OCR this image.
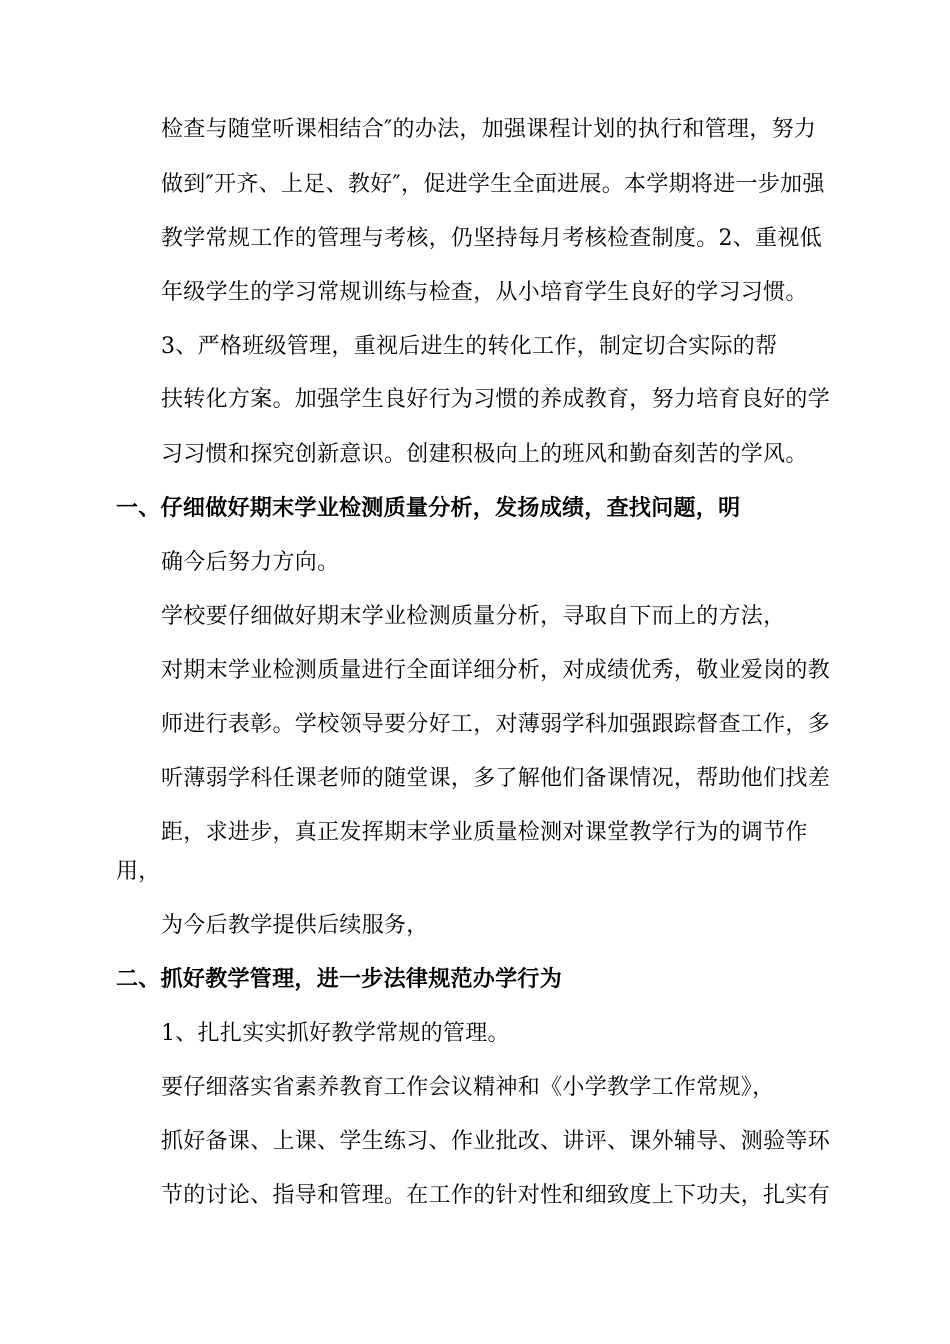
检查与随堂听课相结合″的办法，加强课程计划的执行和管理，努力
做到″开齐、上足、教好″，促进学生全面进展。本学期将进一步加强
教学常规工作的管理与考核，仍坚持每月考核检查制度。2、重视低
年级学生的学习常规训练与检查，从小培育学生良好的学习习惯。
3、严格班级管理，重视后进生的转化工作，制定切合实际的帮
扶转化方案。加强学生良好行为习惯的养成教育，努力培育良好的学
习习惯和探究创新意识。创建积极向上的班风和勤奋刻苦的学风。
一、仔细做好期末学业检测质量分析，发扬成绩，查找问题，明
确今后努力方向。
学校要仔细做好期末学业检测质量分析，寻取自下而上的方法，
对期末学业检测质量进行全面详细分析，对成绩优秀，敬业爱岗的教
师进行表彰。学校领导要分好工，对薄弱学科加强跟踪督查工作，多
听薄弱学科任课老师的随堂课，多了解他们备课情况，帮助他们找差
距，求进步，真正发挥期末学业质量检测对课堂教学行为的调节作
用，
为今后教学提供后续服务，
二、抓好教学管理，进一步法律规范办学行为
1、扎扎实实抓好教学常规的管理。
要仔细落实省素养教育工作会议精神和《小学教学工作常规》，
抓好备课、上课、学生练习、作业批改、讲评、课外辅导、测验等环
节的讨论、指导和管理。在工作的针对性和细致度上下功夫，扎实有
